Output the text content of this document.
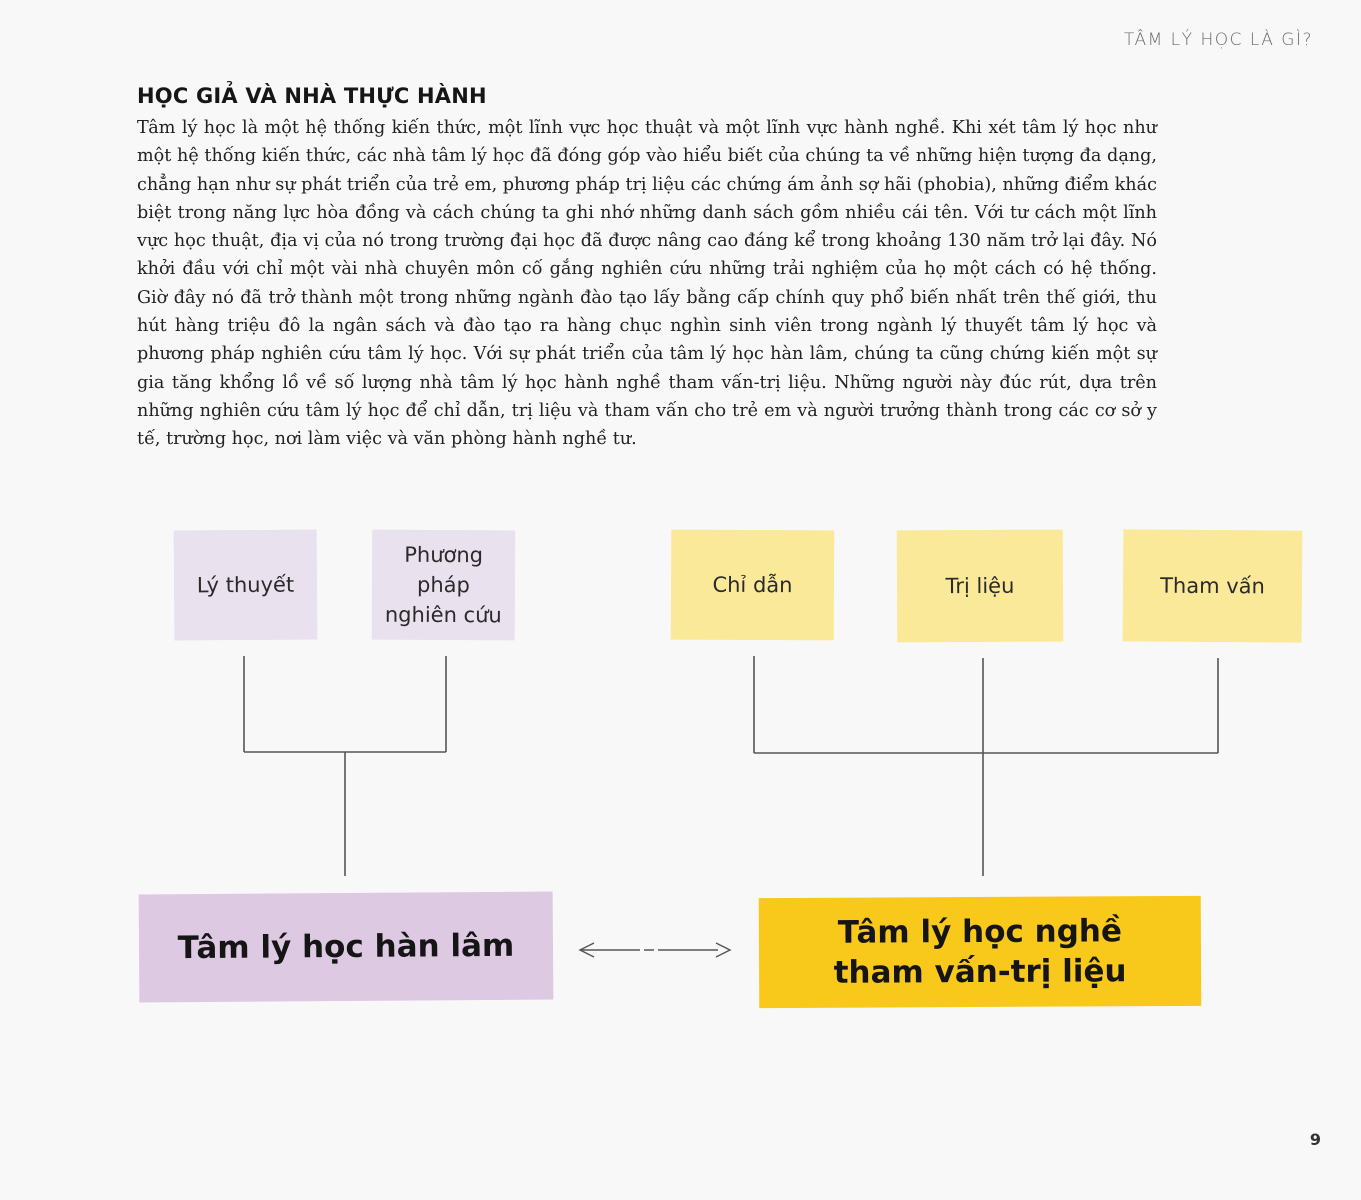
TÂM LÝ HỌC LÀ GÌ?
HỌC GIẢ VÀ NHÀ THỰC HÀNH

Tâm lý học là một hệ thống kiến thức, một lĩnh vực học thuật và một lĩnh vực hành nghề. Khi xét tâm lý học như một hệ thống kiến thức, các nhà tâm lý học đã đóng góp vào hiểu biết của chúng ta về những hiện tượng đa dạng, chẳng hạn như sự phát triển của trẻ em, phương pháp trị liệu các chứng ám ảnh sợ hãi (phobia), những điểm khác biệt trong năng lực hòa đồng và cách chúng ta ghi nhớ những danh sách gồm nhiều cái tên. Với tư cách một lĩnh vực học thuật, địa vị của nó trong trường đại học đã được nâng cao đáng kể trong khoảng 130 năm trở lại đây. Nó khởi đầu với chỉ một vài nhà chuyên môn cố gắng nghiên cứu những trải nghiệm của họ một cách có hệ thống. Giờ đây nó đã trở thành một trong những ngành đào tạo lấy bằng cấp chính quy phổ biến nhất trên thế giới, thu hút hàng triệu đô la ngân sách và đào tạo ra hàng chục nghìn sinh viên trong ngành lý thuyết tâm lý học và phương pháp nghiên cứu tâm lý học. Với sự phát triển của tâm lý học hàn lâm, chúng ta cũng chứng kiến một sự gia tăng khổng lồ về số lượng nhà tâm lý học hành nghề tham vấn-trị liệu. Những người này đúc rút, dựa trên những nghiên cứu tâm lý học để chỉ dẫn, trị liệu và tham vấn cho trẻ em và người trưởng thành trong các cơ sở y tế, trường học, nơi làm việc và văn phòng hành nghề tư.

Lý thuyết
Phương pháp nghiên cứu
Chỉ dẫn	Trị liệu	Tham vấn
Tâm lý học hàn lâm	Tâm lý học nghề tham vấn-trị liệu
9
